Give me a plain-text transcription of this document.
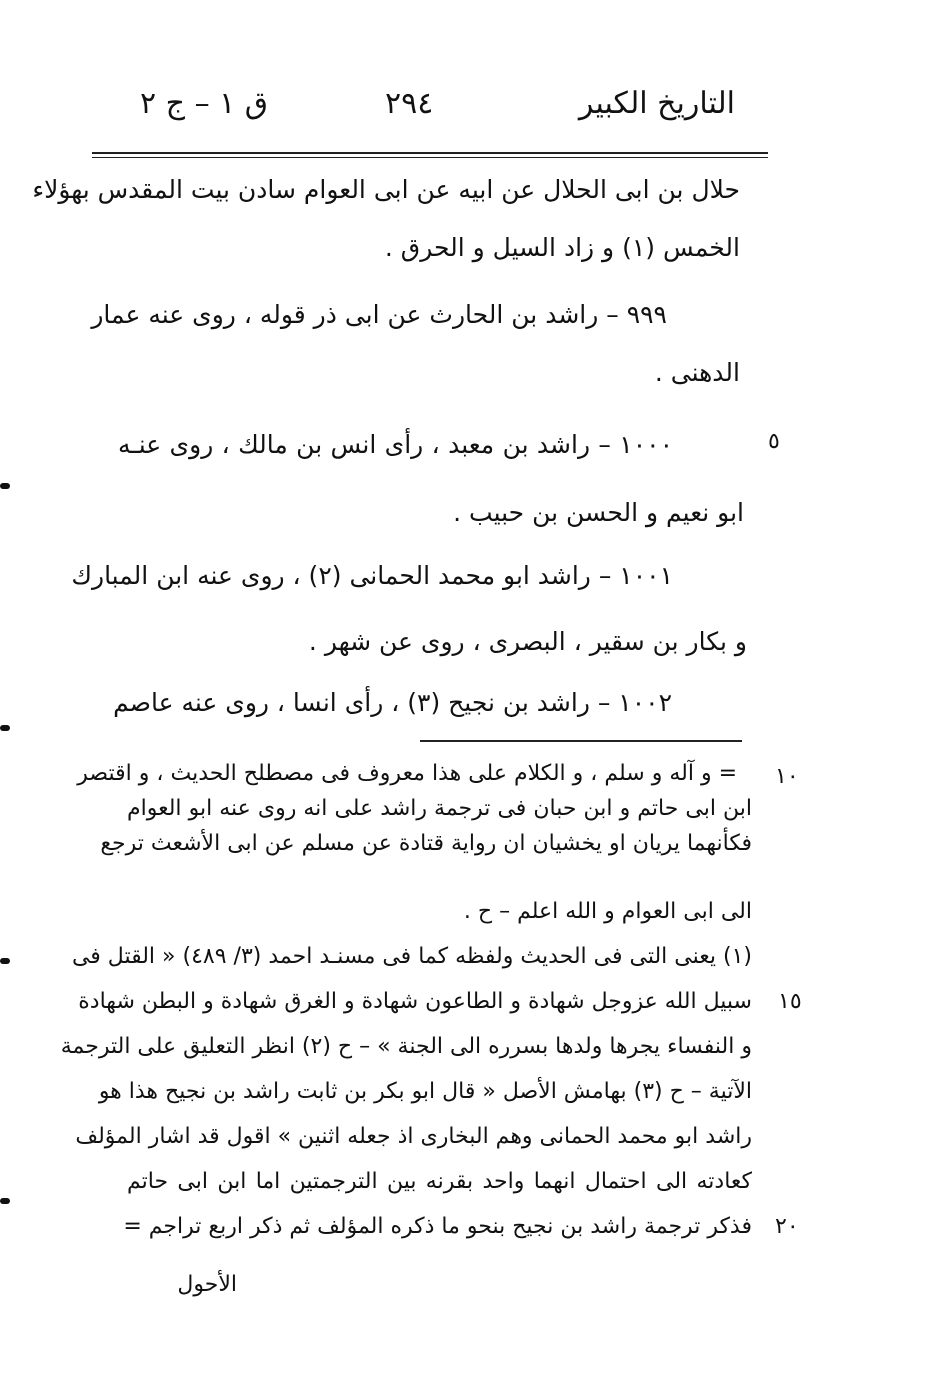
التاريخ الكبير
٢٩٤
ق ١ – ج ٢
حلال بن ابى الحلال عن ابيه عن ابى العوام سادن بيت المقدس بهؤلاء
الخمس (١) و زاد السيل و الحرق .
٩٩٩ – راشد بن الحارث عن ابى ذر قوله ، روى عنه عمار
الدهنى .
١٠٠٠ – راشد بن معبد ، رأى انس بن مالك ، روى عنـه
ابو نعيم و الحسن بن حبيب .
١٠٠١ – راشد ابو محمد الحمانى (٢) ، روى عنه ابن المبارك
و بكار بن سقير ، البصرى ، روى عن شهر .
١٠٠٢ – راشد بن نجيح (٣) ، رأى انسا ، روى عنه عاصم
= و آله و سلم ، و الكلام على هذا معروف فى مصطلح الحديث ، و اقتصر
ابن ابى حاتم و ابن حبان فى ترجمة راشد على انه روى عنه ابو العوام
فكأنهما يريان او يخشيان ان رواية قتادة عن مسلم عن ابى الأشعث ترجع
الى ابى العوام و الله اعلم – ح .
(١) يعنى التى فى الحديث ولفظه كما فى مسنـد احمد (٣/ ٤٨٩) « القتل فى
سبيل الله عزوجل شهادة و الطاعون شهادة و الغرق شهادة و البطن شهادة
و النفساء يجرها ولدها بسرره الى الجنة » – ح (٢) انظر التعليق على الترجمة
الآتية – ح (٣) بهامش الأصل « قال ابو بكر بن ثابت راشد بن نجيح هذا هو
راشد ابو محمد الحمانى وهم البخارى اذ جعله اثنين » اقول قد اشار المؤلف
كعادته الى احتمال انهما واحد بقرنه بين الترجمتين اما ابن ابى حاتم
فذكر ترجمة راشد بن نجيح بنحو ما ذكره المؤلف ثم ذكر اربع تراجم =
الأحول
٥
١٠
١٥
٢٠
